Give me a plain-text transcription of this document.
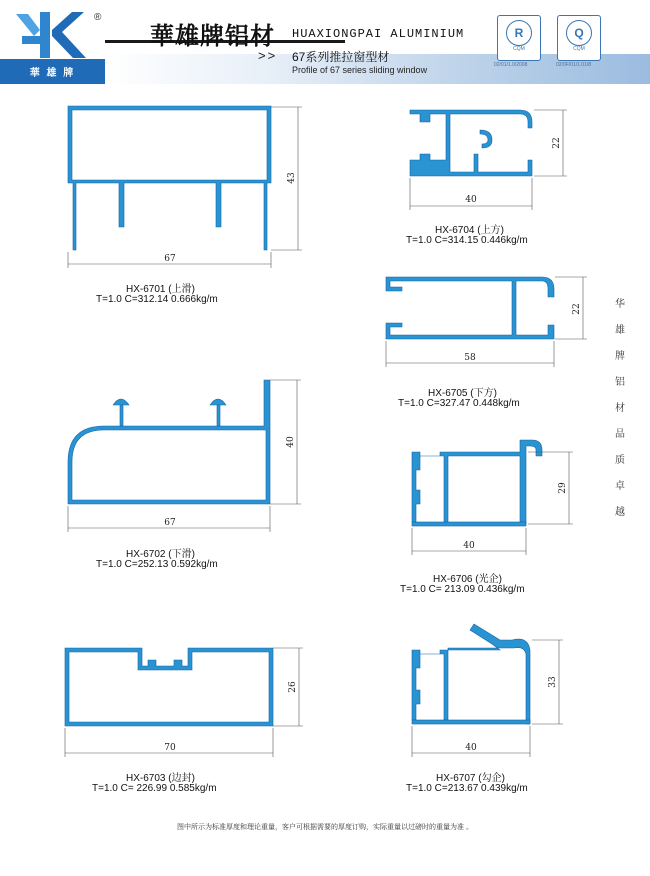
®
華 雄 牌
華雄牌铝材 HUAXIONGPAI ALUMINIUM
>> 67系列推拉窗型材
Profile of 67 series sliding window
R
CQM
02/01/1.0/2008
Q
CQM
02/0F/01/1.01/8
43
67
40
67
26
70
22
40
22
58
29
40
33
40
HX-6701 (上滑)
T=1.0 C=312.14 0.666kg/m
HX-6702 (下滑)
T=1.0 C=252.13 0.592kg/m
HX-6703 (边封)
T=1.0 C= 226.99 0.585kg/m
HX-6704 (上方)
T=1.0 C=314.15 0.446kg/m
HX-6705 (下方)
T=1.0 C=327.47 0.448kg/m
HX-6706 (光企)
T=1.0 C= 213.09 0.436kg/m
HX-6707 (勾企)
T=1.0 C=213.67 0.439kg/m
华雄牌铝材
品质卓越
图中所示为标准厚度和理论重量，客户可根据需要的厚度订购，实际重量以过磅时的重量为准 。
